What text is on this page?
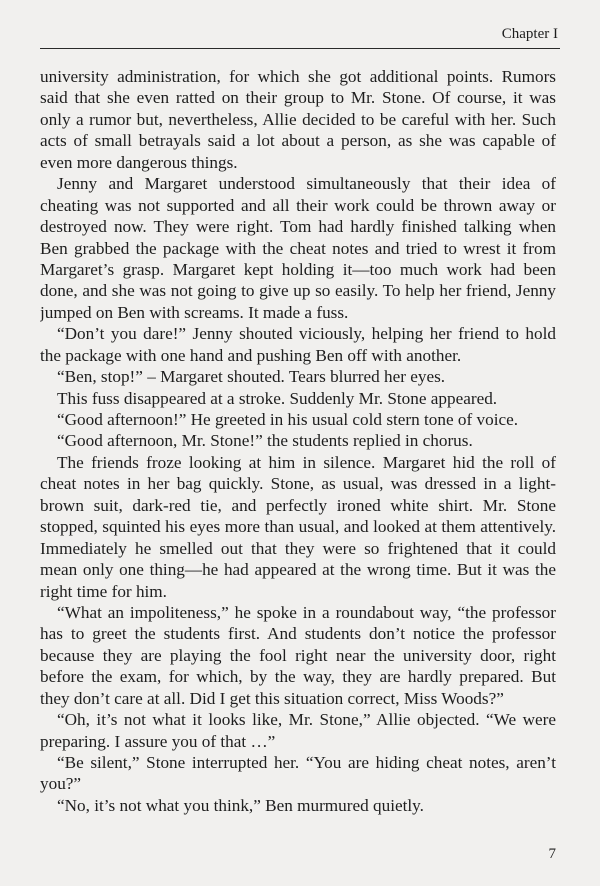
Chapter I
university administration, for which she got additional points. Rumors
said that she even ratted on their group to Mr. Stone. Of course, it was
only a rumor but, nevertheless, Allie decided to be careful with her. Such
acts of small betrayals said a lot about a person, as she was capable of
even more dangerous things.
Jenny and Margaret understood simultaneously that their idea of
cheating was not supported and all their work could be thrown away or
destroyed now. They were right. Tom had hardly finished talking when
Ben grabbed the package with the cheat notes and tried to wrest it from
Margaret’s grasp. Margaret kept holding it—too much work had been
done, and she was not going to give up so easily. To help her friend, Jenny
jumped on Ben with screams. It made a fuss.
“Don’t you dare!” Jenny shouted viciously, helping her friend to hold
the package with one hand and pushing Ben off with another.
“Ben, stop!” – Margaret shouted. Tears blurred her eyes.
This fuss disappeared at a stroke. Suddenly Mr. Stone appeared.
“Good afternoon!” He greeted in his usual cold stern tone of voice.
“Good afternoon, Mr. Stone!” the students replied in chorus.
The friends froze looking at him in silence. Margaret hid the roll of
cheat notes in her bag quickly. Stone, as usual, was dressed in a light-
brown suit, dark-red tie, and perfectly ironed white shirt. Mr. Stone
stopped, squinted his eyes more than usual, and looked at them attentively.
Immediately he smelled out that they were so frightened that it could
mean only one thing—he had appeared at the wrong time. But it was the
right time for him.
“What an impoliteness,” he spoke in a roundabout way, “the professor
has to greet the students first. And students don’t notice the professor
because they are playing the fool right near the university door, right
before the exam, for which, by the way, they are hardly prepared. But
they don’t care at all. Did I get this situation correct, Miss Woods?”
“Oh, it’s not what it looks like, Mr. Stone,” Allie objected. “We were
preparing. I assure you of that …”
“Be silent,” Stone interrupted her. “You are hiding cheat notes, aren’t
you?”
“No, it’s not what you think,” Ben murmured quietly.
7
